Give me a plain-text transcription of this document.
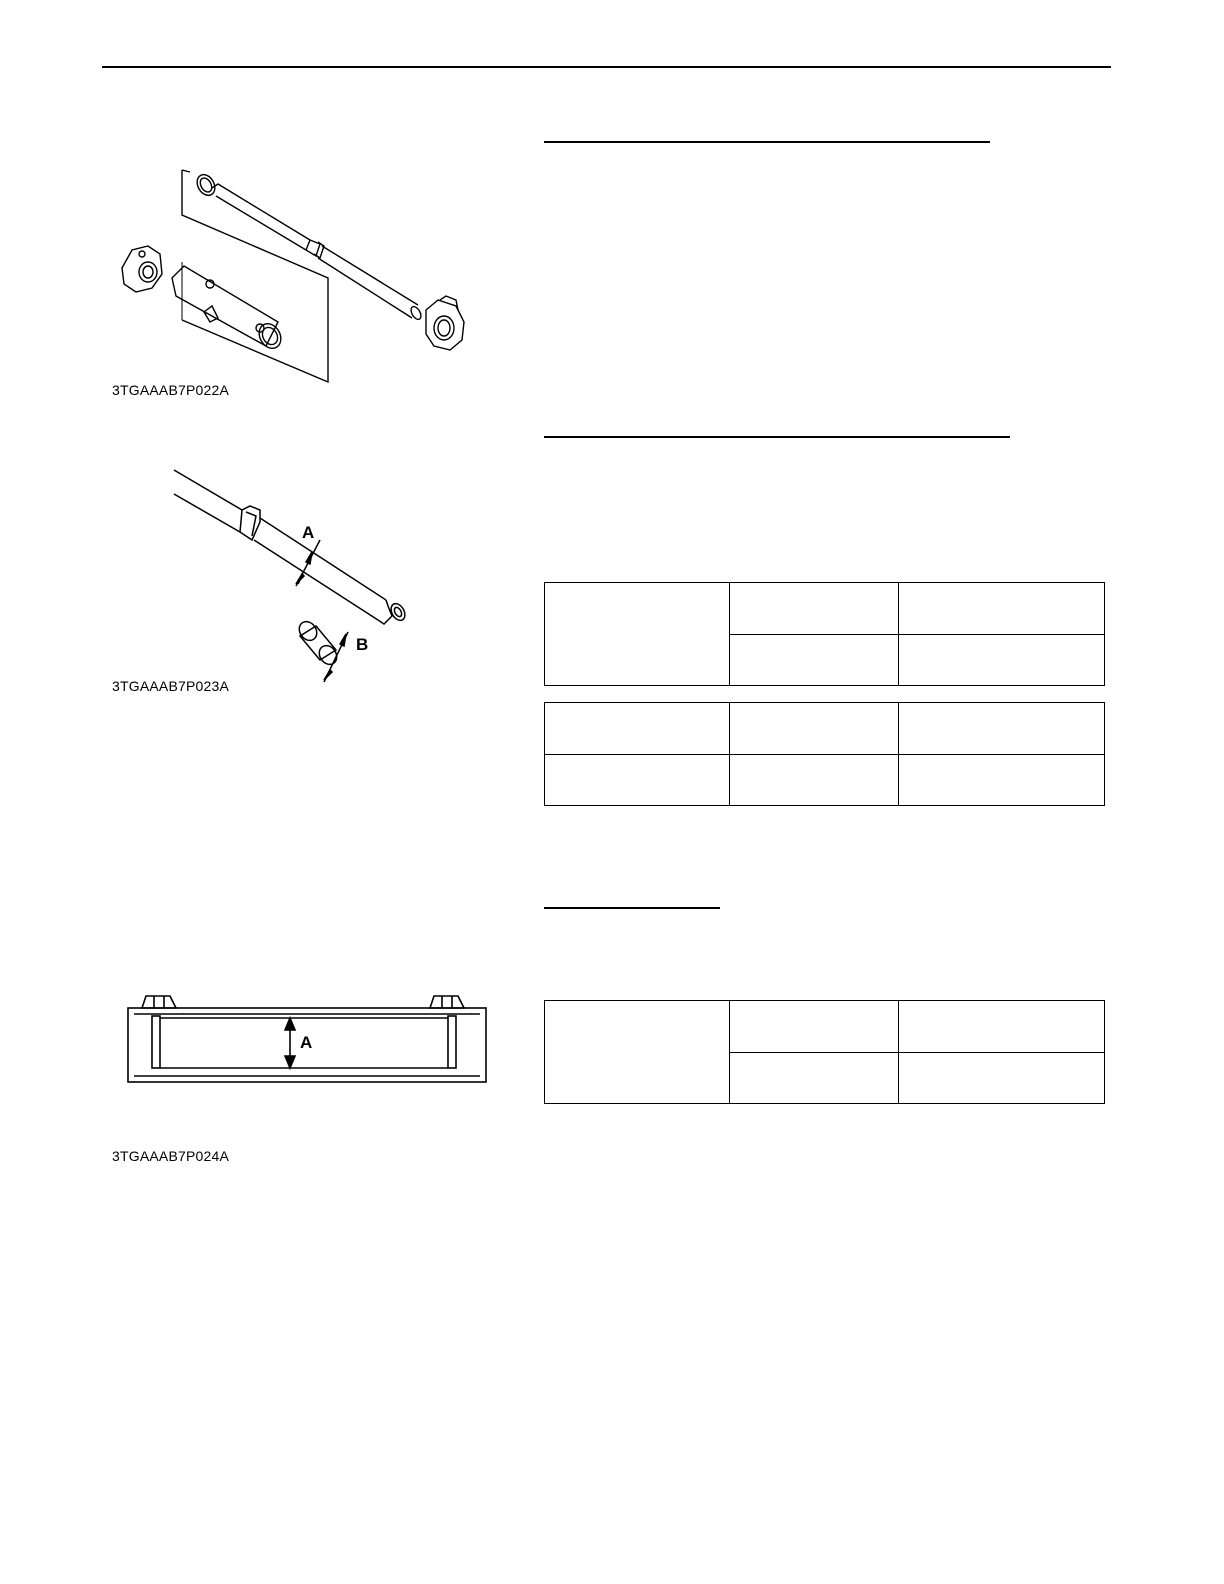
3TGAAAB7P022A
A
B
3TGAAAB7P023A
A
3TGAAAB7P024A
